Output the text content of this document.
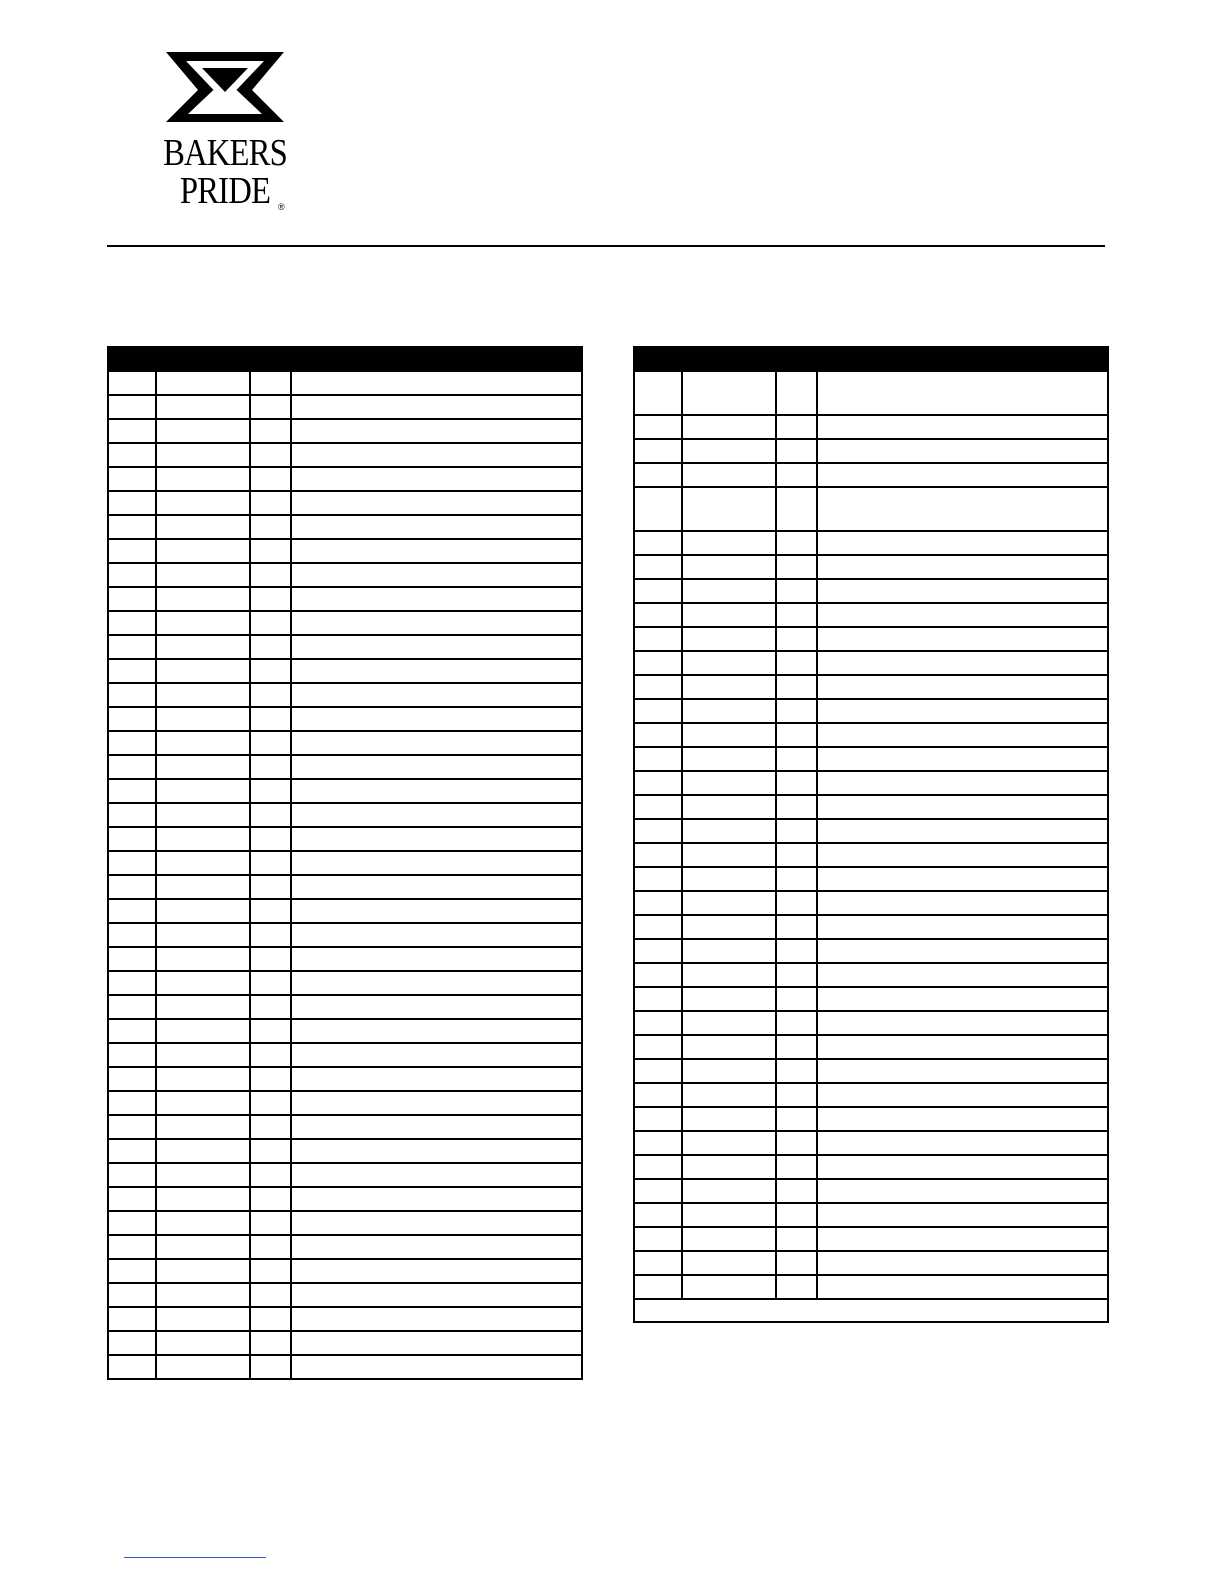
®
BAKERS
PRIDE ®
